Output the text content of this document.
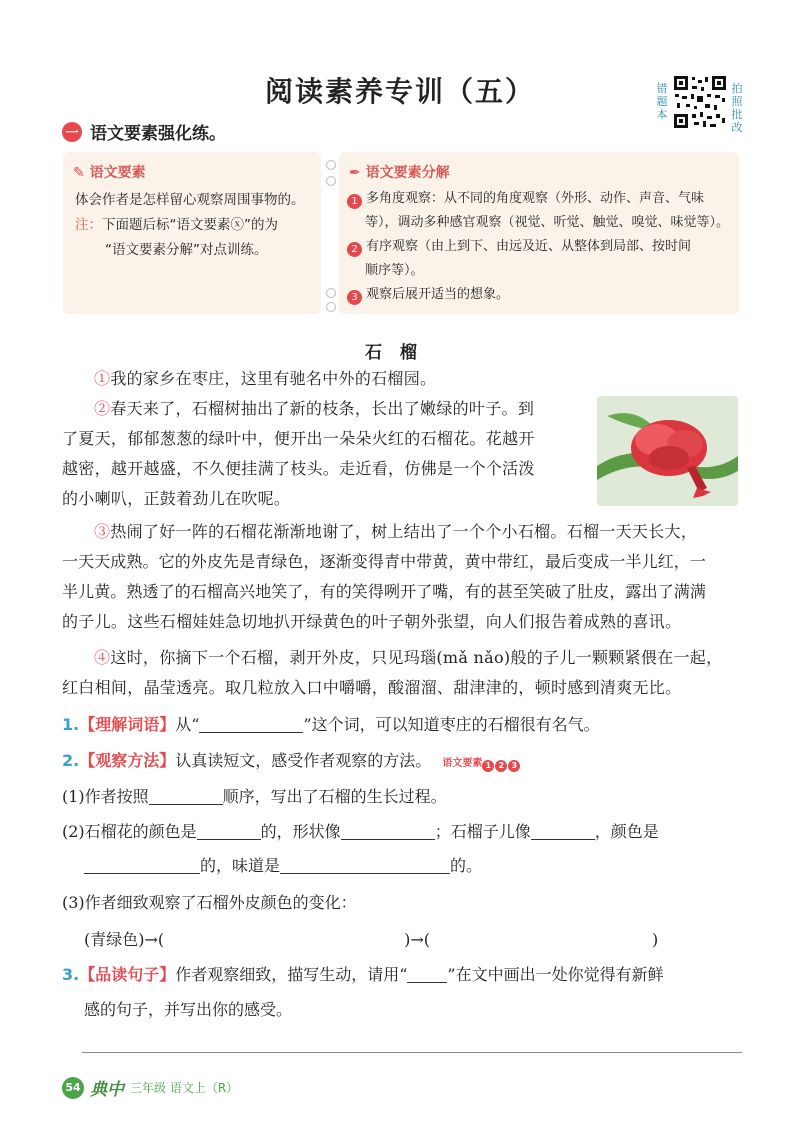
阅读素养专训（五）	错题本
拍照批改
一 语文要素强化练。
✎ 语文要素
体会作者是怎样留心观察周围事物的。
注：下面题后标“语文要素ⓧ”的为
“语文要素分解”对点训练。
✒ 语文要素分解
1 多角度观察：从不同的角度观察（外形、动作、声音、气味
等），调动多种感官观察（视觉、听觉、触觉、嗅觉、味觉等）。
2 有序观察（由上到下、由远及近、从整体到局部、按时间
顺序等）。
3 观察后展开适当的想象。
石榴
①我的家乡在枣庄，这里有驰名中外的石榴园。
②春天来了，石榴树抽出了新的枝条，长出了嫩绿的叶子。到
了夏天，郁郁葱葱的绿叶中，便开出一朵朵火红的石榴花。花越开
越密，越开越盛，不久便挂满了枝头。走近看，仿佛是一个个活泼
的小喇叭，正鼓着劲儿在吹呢。
③热闹了好一阵的石榴花渐渐地谢了，树上结出了一个个小石榴。石榴一天天长大，
一天天成熟。它的外皮先是青绿色，逐渐变得青中带黄，黄中带红，最后变成一半儿红，一
半儿黄。熟透了的石榴高兴地笑了，有的笑得咧开了嘴，有的甚至笑破了肚皮，露出了满满
的子儿。这些石榴娃娃急切地扒开绿黄色的叶子朝外张望，向人们报告着成熟的喜讯。
④这时，你摘下一个石榴，剥开外皮，只见玛瑙(mǎ nǎo)般的子儿一颗颗紧偎在一起，
红白相间，晶莹透亮。取几粒放入口中嚼嚼，酸溜溜、甜津津的，顿时感到清爽无比。
1.【理解词语】从“	”这个词，可以知道枣庄的石榴很有名气。
2.【观察方法】认真读短文，感受作者观察的方法。 语文要素 1 2 3
(1)作者按照	顺序，写出了石榴的生长过程。
(2)石榴花的颜色是	的，形状像	；石榴子儿像	，颜色是
的，味道是	的。
(3)作者细致观察了石榴外皮颜色的变化：
(青绿色)→(	)→(	)
3.【品读句子】作者观察细致，描写生动，请用“	”在文中画出一处你觉得有新鲜
感的句子，并写出你的感受。
54 典中 三年级 语文上（R）
